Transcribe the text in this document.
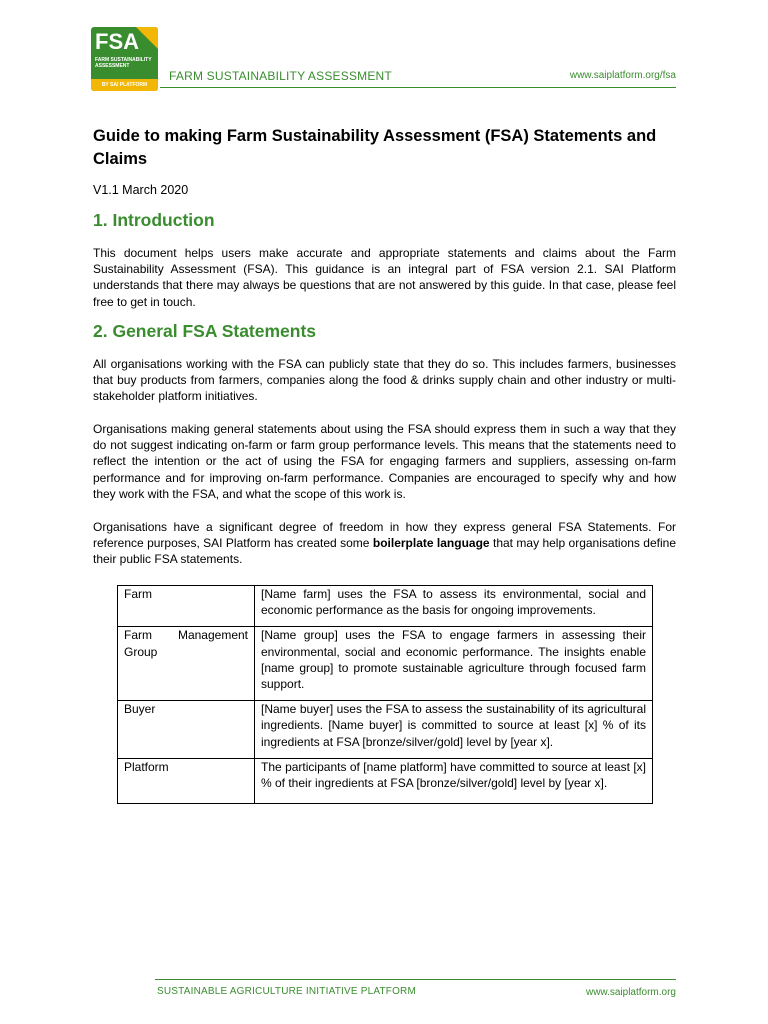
FSA
FARM SUSTAINABILITY ASSESSMENT
BY SAI PLATFORM
FARM SUSTAINABILITY ASSESSMENT	www.saiplatform.org/fsa
Guide to making Farm Sustainability Assessment (FSA) Statements and Claims
V1.1 March 2020
1. Introduction

This document helps users make accurate and appropriate statements and claims about the Farm Sustainability Assessment (FSA). This guidance is an integral part of FSA version 2.1. SAI Platform understands that there may always be questions that are not answered by this guide. In that case, please feel free to get in touch.

2. General FSA Statements

All organisations working with the FSA can publicly state that they do so. This includes farmers, businesses that buy products from farmers, companies along the food & drinks supply chain and other industry or multi-stakeholder platform initiatives.

Organisations making general statements about using the FSA should express them in such a way that they do not suggest indicating on-farm or farm group performance levels. This means that the statements need to reflect the intention or the act of using the FSA for engaging farmers and suppliers, assessing on-farm performance and for improving on-farm performance. Companies are encouraged to specify why and how they work with the FSA, and what the scope of this work is.

Organisations have a significant degree of freedom in how they express general FSA Statements. For reference purposes, SAI Platform has created some boilerplate language that may help organisations define their public FSA statements.

Farm	[Name farm] uses the FSA to assess its environmental, social and economic performance as the basis for ongoing improvements.
Farm Management Group	[Name group] uses the FSA to engage farmers in assessing their environmental, social and economic performance. The insights enable [name group] to promote sustainable agriculture through focused farm support.
Buyer	[Name buyer] uses the FSA to assess the sustainability of its agricultural ingredients. [Name buyer] is committed to source at least [x] % of its ingredients at FSA [bronze/silver/gold] level by [year x].
Platform	The participants of [name platform] have committed to source at least [x] % of their ingredients at FSA [bronze/silver/gold] level by [year x].
SUSTAINABLE AGRICULTURE INITIATIVE PLATFORM	www.saiplatform.org
